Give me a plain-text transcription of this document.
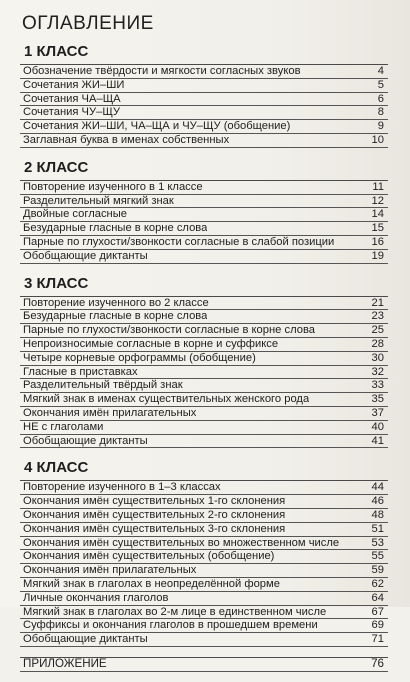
ОГЛАВЛЕНИЕ
1 КЛАСС
Обозначение твёрдости и мягкости согласных звуков	4
Сочетания ЖИ–ШИ	5
Сочетания ЧА–ЩА	6
Сочетания ЧУ–ЩУ	8
Сочетания ЖИ–ШИ, ЧА–ЩА и ЧУ–ЩУ (обобщение)	9
Заглавная буква в именах собственных	10
2 КЛАСС
Повторение изученного в 1 классе	11
Разделительный мягкий знак	12
Двойные согласные	14
Безударные гласные в корне слова	15
Парные по глухости/звонкости согласные в слабой позиции	16
Обобщающие диктанты	19
3 КЛАСС
Повторение изученного во 2 классе	21
Безударные гласные в корне слова	23
Парные по глухости/звонкости согласные в корне слова	25
Непроизносимые согласные в корне и суффиксе	28
Четыре корневые орфограммы (обобщение)	30
Гласные в приставках	32
Разделительный твёрдый знак	33
Мягкий знак в именах существительных женского рода	35
Окончания имён прилагательных	37
НЕ с глаголами	40
Обобщающие диктанты	41
4 КЛАСС
Повторение изученного в 1–3 классах	44
Окончания имён существительных 1-го склонения	46
Окончания имён существительных 2-го склонения	48
Окончания имён существительных 3-го склонения	51
Окончания имён существительных во множественном числе	53
Окончания имён существительных (обобщение)	55
Окончания имён прилагательных	59
Мягкий знак в глаголах в неопределённой форме	62
Личные окончания глаголов	64
Мягкий знак в глаголах во 2-м лице в единственном числе	67
Суффиксы и окончания глаголов в прошедшем времени	69
Обобщающие диктанты	71
ПРИЛОЖЕНИЕ	76
